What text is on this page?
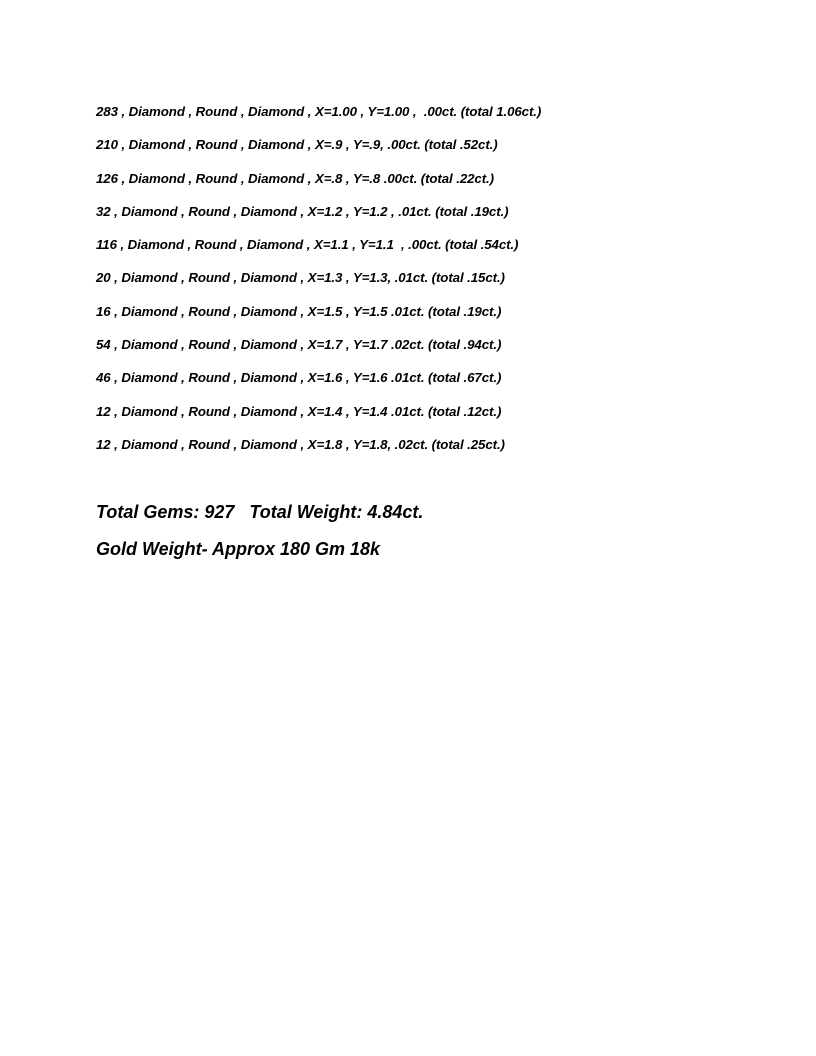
283 , Diamond , Round , Diamond , X=1.00 , Y=1.00 ,  .00ct. (total 1.06ct.)
210 , Diamond , Round , Diamond , X=.9 , Y=.9, .00ct. (total .52ct.)
126 , Diamond , Round , Diamond , X=.8 , Y=.8 .00ct. (total .22ct.)
32 , Diamond , Round , Diamond , X=1.2 , Y=1.2 , .01ct. (total .19ct.)
116 , Diamond , Round , Diamond , X=1.1 , Y=1.1  , .00ct. (total .54ct.)
20 , Diamond , Round , Diamond , X=1.3 , Y=1.3, .01ct. (total .15ct.)
16 , Diamond , Round , Diamond , X=1.5 , Y=1.5 .01ct. (total .19ct.)
54 , Diamond , Round , Diamond , X=1.7 , Y=1.7 .02ct. (total .94ct.)
46 , Diamond , Round , Diamond , X=1.6 , Y=1.6 .01ct. (total .67ct.)
12 , Diamond , Round , Diamond , X=1.4 , Y=1.4 .01ct. (total .12ct.)
12 , Diamond , Round , Diamond , X=1.8 , Y=1.8, .02ct. (total .25ct.)
Total Gems: 927   Total Weight: 4.84ct.
Gold Weight- Approx 180 Gm 18k
